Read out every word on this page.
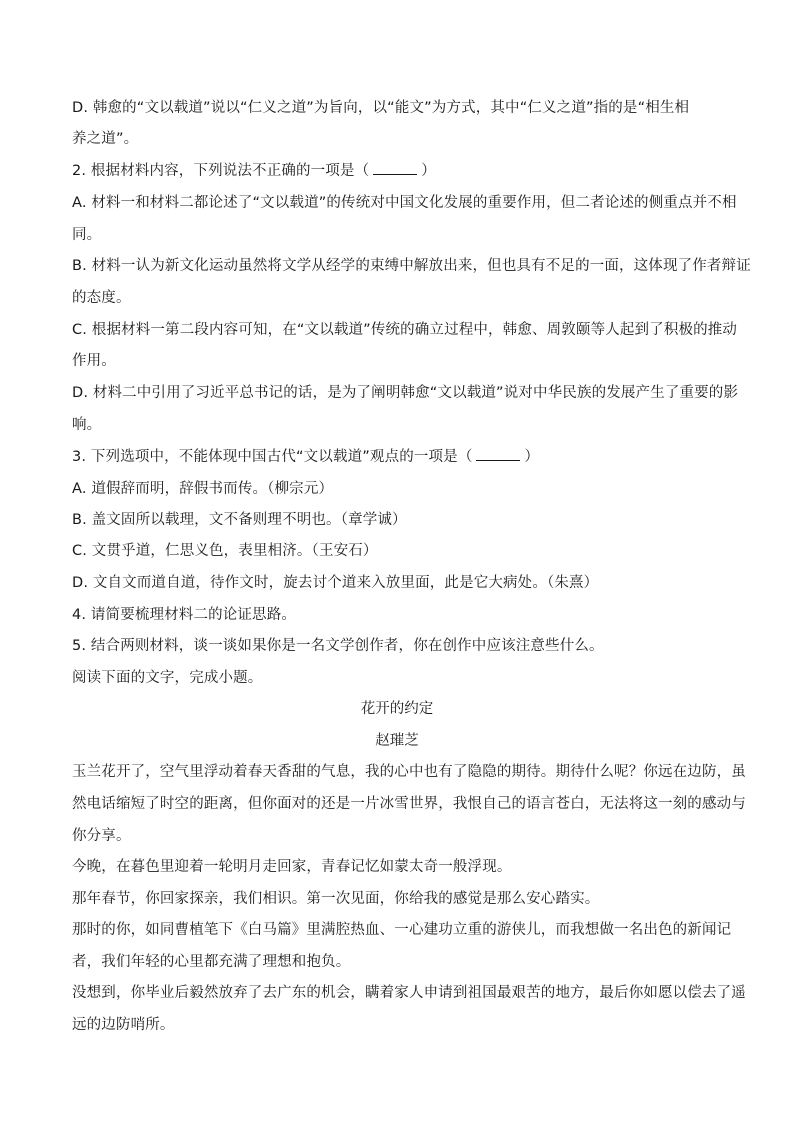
D. 韩愈的“文以载道”说以“仁义之道”为旨向，以“能文”为方式，其中“仁义之道”指的是“相生相
养之道”。
2. 根据材料内容，下列说法不正确的一项是（	）
A. 材料一和材料二都论述了“文以载道”的传统对中国文化发展的重要作用，但二者论述的侧重点并不相
同。
B. 材料一认为新文化运动虽然将文学从经学的束缚中解放出来，但也具有不足的一面，这体现了作者辩证
的态度。
C. 根据材料一第二段内容可知，在“文以载道”传统的确立过程中，韩愈、周敦颐等人起到了积极的推动
作用。
D. 材料二中引用了习近平总书记的话，是为了阐明韩愈“文以载道”说对中华民族的发展产生了重要的影
响。
3. 下列选项中，不能体现中国古代“文以载道”观点的一项是（	）
A. 道假辞而明，辞假书而传。（柳宗元）
B. 盖文固所以载理，文不备则理不明也。（章学诚）
C. 文贯乎道，仁思义色，表里相济。（王安石）
D. 文自文而道自道，待作文时，旋去讨个道来入放里面，此是它大病处。（朱熹）
4. 请简要梳理材料二的论证思路。
5. 结合两则材料，谈一谈如果你是一名文学创作者，你在创作中应该注意些什么。
阅读下面的文字，完成小题。
花开的约定
赵璀芝
玉兰花开了，空气里浮动着春天香甜的气息，我的心中也有了隐隐的期待。期待什么呢？你远在边防，虽
然电话缩短了时空的距离，但你面对的还是一片冰雪世界，我恨自己的语言苍白，无法将这一刻的感动与
你分享。
今晚，在暮色里迎着一轮明月走回家，青春记忆如蒙太奇一般浮现。
那年春节，你回家探亲，我们相识。第一次见面，你给我的感觉是那么安心踏实。
那时的你，如同曹植笔下《白马篇》里满腔热血、一心建功立重的游侠儿，而我想做一名出色的新闻记
者，我们年轻的心里都充满了理想和抱负。
没想到，你毕业后毅然放弃了去广东的机会，瞒着家人申请到祖国最艰苦的地方，最后你如愿以偿去了遥
远的边防哨所。
